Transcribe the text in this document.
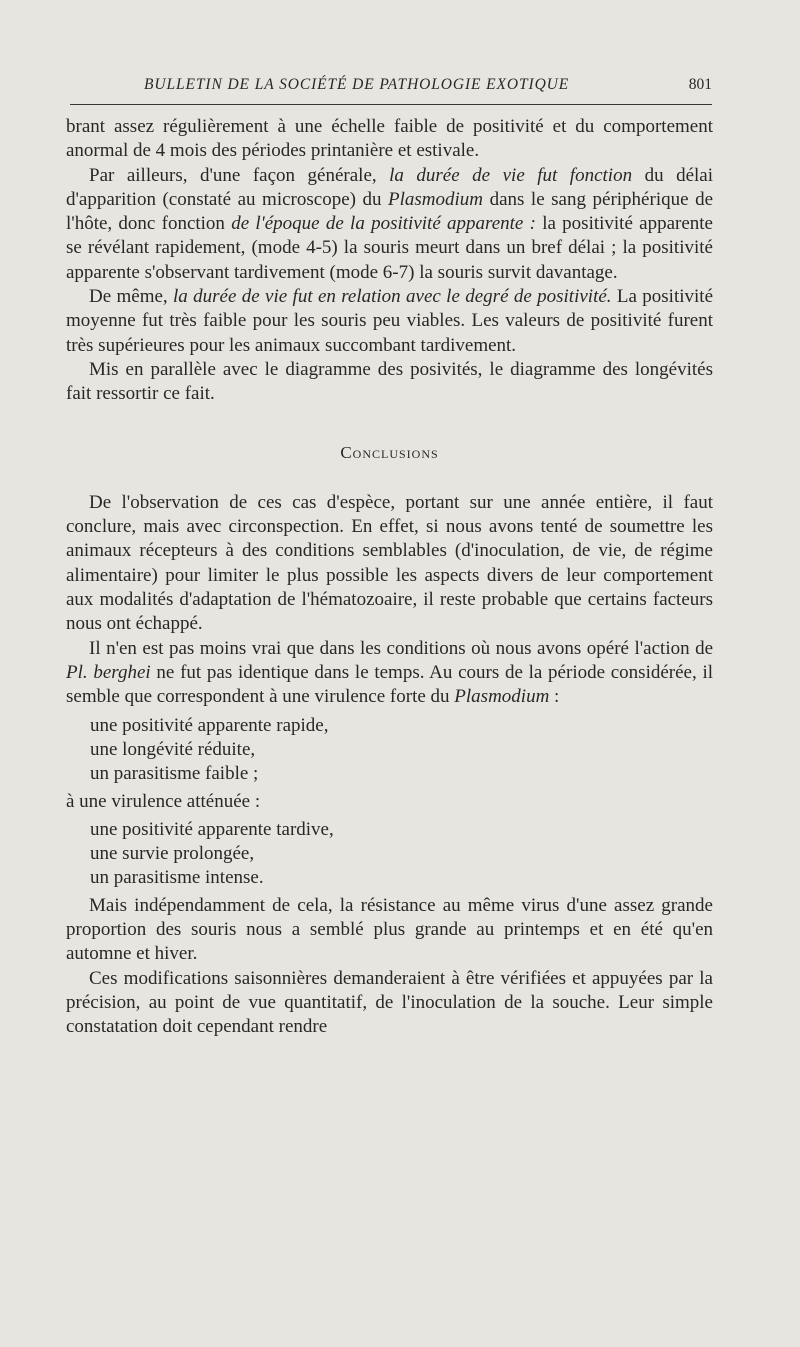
BULLETIN DE LA SOCIÉTÉ DE PATHOLOGIE EXOTIQUE	801

brant assez régulièrement à une échelle faible de positivité et du comportement anormal de 4 mois des périodes printanière et estivale.

Par ailleurs, d'une façon générale, la durée de vie fut fonction du délai d'apparition (constaté au microscope) du Plasmodium dans le sang périphérique de l'hôte, donc fonction de l'époque de la positivité apparente : la positivité apparente se révélant rapidement, (mode 4-5) la souris meurt dans un bref délai ; la positivité apparente s'observant tardivement (mode 6-7) la souris survit davantage.

De même, la durée de vie fut en relation avec le degré de positivité. La positivité moyenne fut très faible pour les souris peu viables. Les valeurs de positivité furent très supérieures pour les animaux succombant tardivement.

Mis en parallèle avec le diagramme des posivités, le diagramme des longévités fait ressortir ce fait.

Conclusions

De l'observation de ces cas d'espèce, portant sur une année entière, il faut conclure, mais avec circonspection. En effet, si nous avons tenté de soumettre les animaux récepteurs à des conditions semblables (d'inoculation, de vie, de régime alimentaire) pour limiter le plus possible les aspects divers de leur comportement aux modalités d'adaptation de l'hématozoaire, il reste probable que certains facteurs nous ont échappé.

Il n'en est pas moins vrai que dans les conditions où nous avons opéré l'action de Pl. berghei ne fut pas identique dans le temps. Au cours de la période considérée, il semble que correspondent à une virulence forte du Plasmodium :

une positivité apparente rapide,
une longévité réduite,
un parasitisme faible ;

à une virulence atténuée :

une positivité apparente tardive,
une survie prolongée,
un parasitisme intense.

Mais indépendamment de cela, la résistance au même virus d'une assez grande proportion des souris nous a semblé plus grande au printemps et en été qu'en automne et hiver.

Ces modifications saisonnières demanderaient à être vérifiées et appuyées par la précision, au point de vue quantitatif, de l'inoculation de la souche. Leur simple constatation doit cependant rendre
